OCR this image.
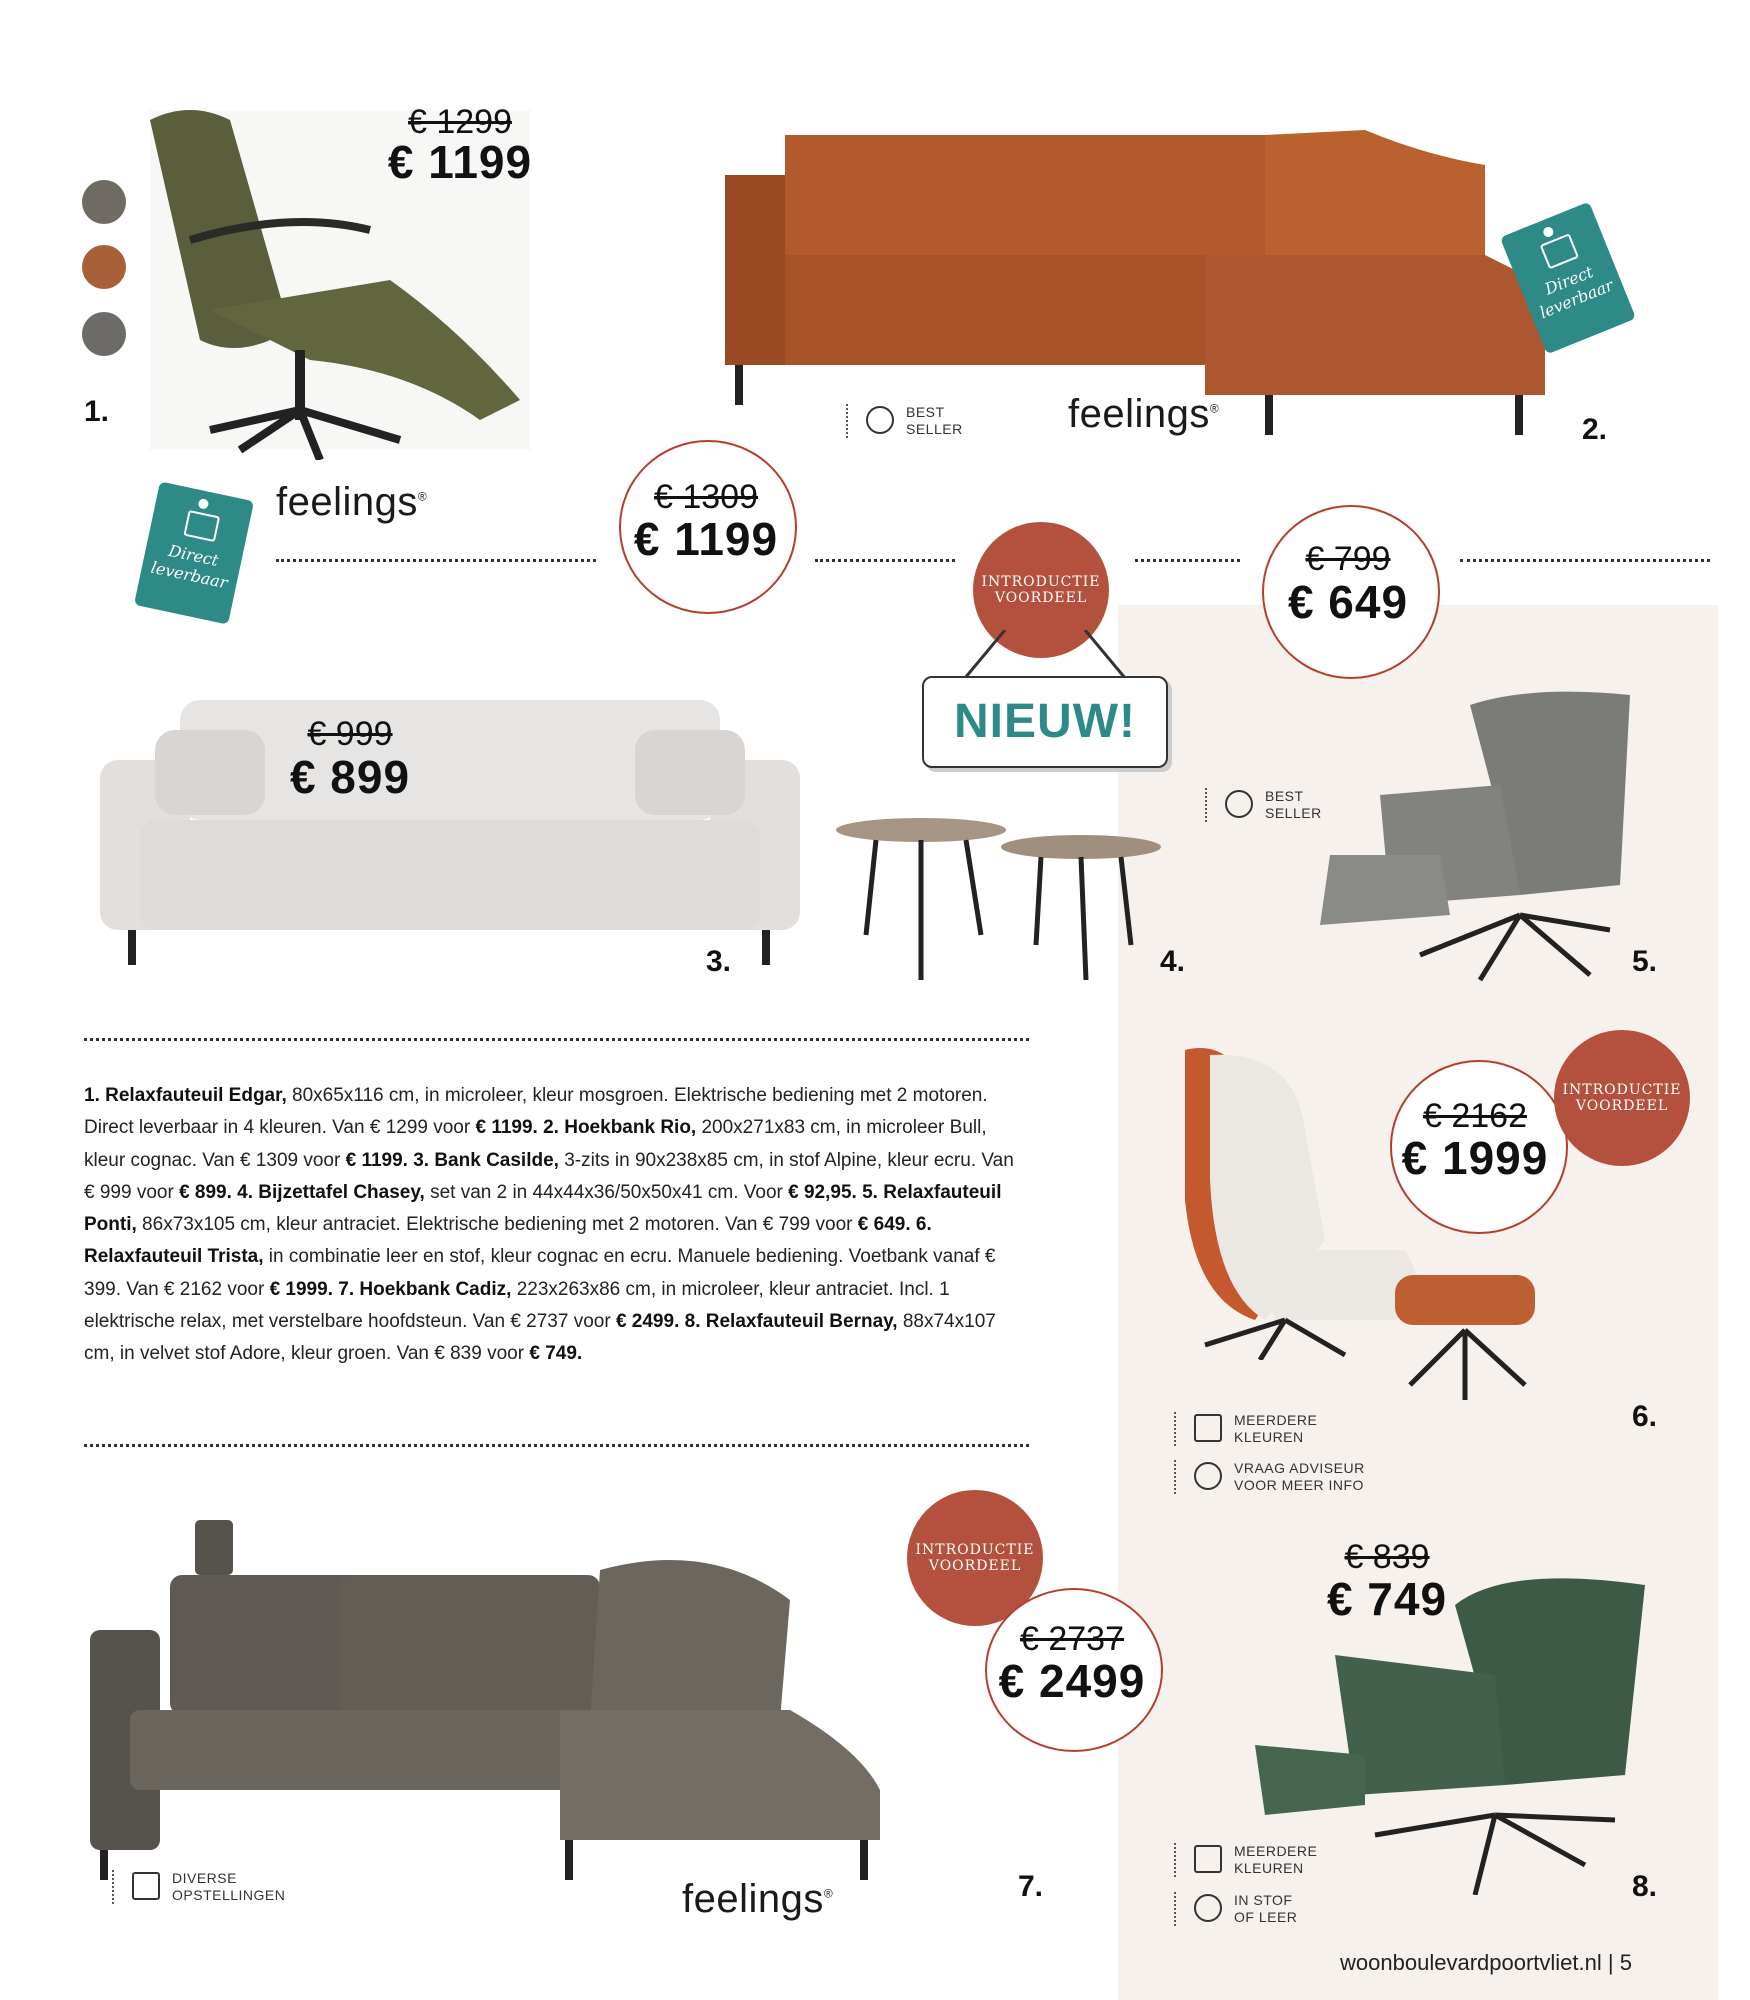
€ 1299
€ 1199
1.
Direct leverbaar
feelings®
Direct leverbaar
BEST
SELLER	feelings®
2.
€ 1309
€ 1199
€ 999
€ 899
3.	4.
INTRODUCTIE VOORDEEL
NIEUW!
€ 799
€ 649
BEST
SELLER
5.
1. Relaxfauteuil Edgar, 80x65x116 cm, in microleer, kleur mosgroen. Elektrische bediening met 2 motoren. Direct leverbaar in 4 kleuren. Van € 1299 voor € 1199. 2. Hoekbank Rio, 200x271x83 cm, in microleer Bull, kleur cognac. Van € 1309 voor € 1199. 3. Bank Casilde, 3-zits in 90x238x85 cm, in stof Alpine, kleur ecru. Van € 999 voor € 899. 4. Bijzettafel Chasey, set van 2 in 44x44x36/50x50x41 cm. Voor € 92,95. 5. Relaxfauteuil Ponti, 86x73x105 cm, kleur antraciet. Elektrische bediening met 2 motoren. Van € 799 voor € 649. 6. Relaxfauteuil Trista, in combinatie leer en stof, kleur cognac en ecru. Manuele bediening. Voetbank vanaf € 399. Van € 2162 voor € 1999. 7. Hoekbank Cadiz, 223x263x86 cm, in microleer, kleur antraciet. Incl. 1 elektrische relax, met verstelbare hoofdsteun. Van € 2737 voor € 2499. 8. Relaxfauteuil Bernay, 88x74x107 cm, in velvet stof Adore, kleur groen. Van € 839 voor € 749.
€ 2162
€ 1999
INTRODUCTIE VOORDEEL
MEERDERE
KLEUREN
VRAAG ADVISEUR
VOOR MEER INFO
6.
INTRODUCTIE VOORDEEL
€ 2737
€ 2499
DIVERSE
OPSTELLINGEN	feelings®	7.
€ 839
€ 749
MEERDERE
KLEUREN
IN STOF
OF LEER
8.
woonboulevardpoortvliet.nl | 5
